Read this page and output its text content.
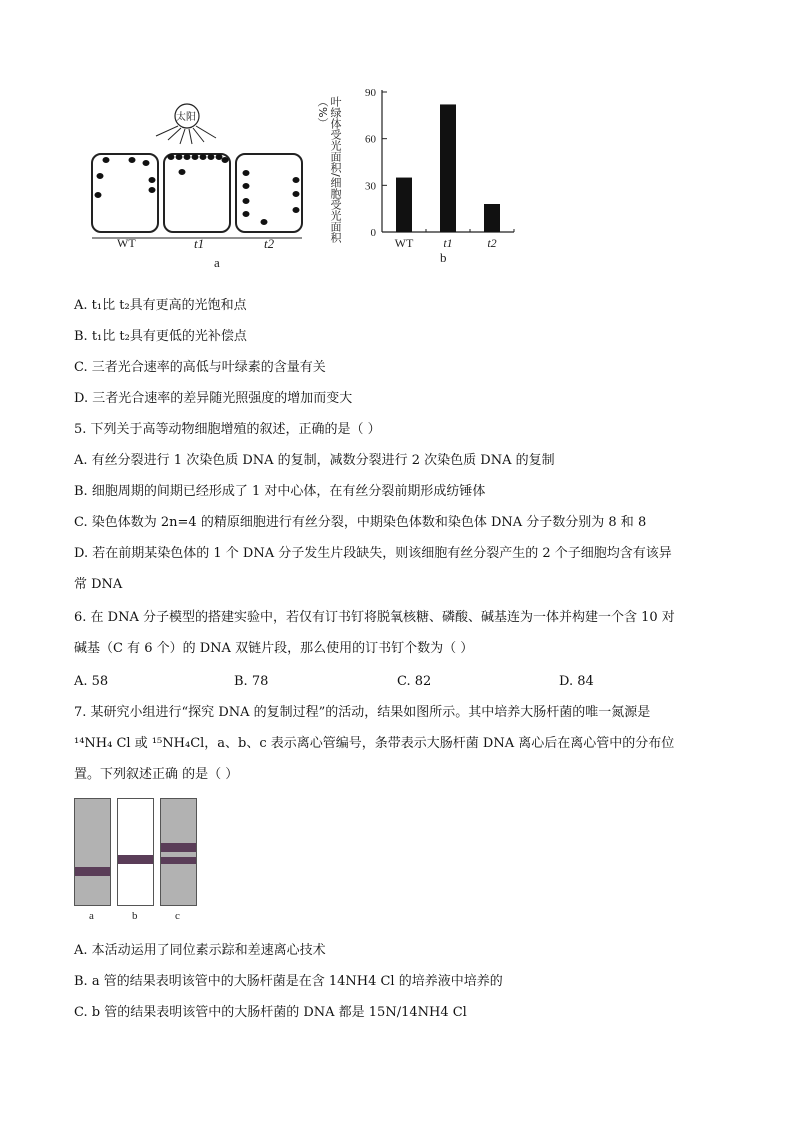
太阳
WT	t1	t2
a
叶绿体受光面积/细胞受光面积（%）
0
30
60
90
WT	t1	t2
b
A. t₁比 t₂具有更高的光饱和点
B. t₁比 t₂具有更低的光补偿点
C. 三者光合速率的高低与叶绿素的含量有关
D. 三者光合速率的差异随光照强度的增加而变大
5. 下列关于高等动物细胞增殖的叙述，正确的是（ ）
A. 有丝分裂进行 1 次染色质 DNA 的复制，减数分裂进行 2 次染色质 DNA 的复制
B. 细胞周期的间期已经形成了 1 对中心体，在有丝分裂前期形成纺锤体
C. 染色体数为 2n=4 的精原细胞进行有丝分裂，中期染色体数和染色体 DNA 分子数分别为 8 和 8
D. 若在前期某染色体的 1 个 DNA 分子发生片段缺失，则该细胞有丝分裂产生的 2 个子细胞均含有该异
常 DNA
6. 在 DNA 分子模型的搭建实验中，若仅有订书钉将脱氧核糖、磷酸、碱基连为一体并构建一个含 10 对
碱基（C 有 6 个）的 DNA 双链片段，那么使用的订书钉个数为（ ）
A. 58	B. 78	C. 82	D. 84
7. 某研究小组进行“探究 DNA 的复制过程”的活动，结果如图所示。其中培养大肠杆菌的唯一氮源是
¹⁴NH₄ Cl 或 ¹⁵NH₄Cl，a、b、c 表示离心管编号，条带表示大肠杆菌 DNA 离心后在离心管中的分布位
置。下列叙述正确 的是（ ）
a	b	c
A. 本活动运用了同位素示踪和差速离心技术
B. a 管的结果表明该管中的大肠杆菌是在含 14NH4 Cl 的培养液中培养的
C. b 管的结果表明该管中的大肠杆菌的 DNA 都是 15N/14NH4 Cl
